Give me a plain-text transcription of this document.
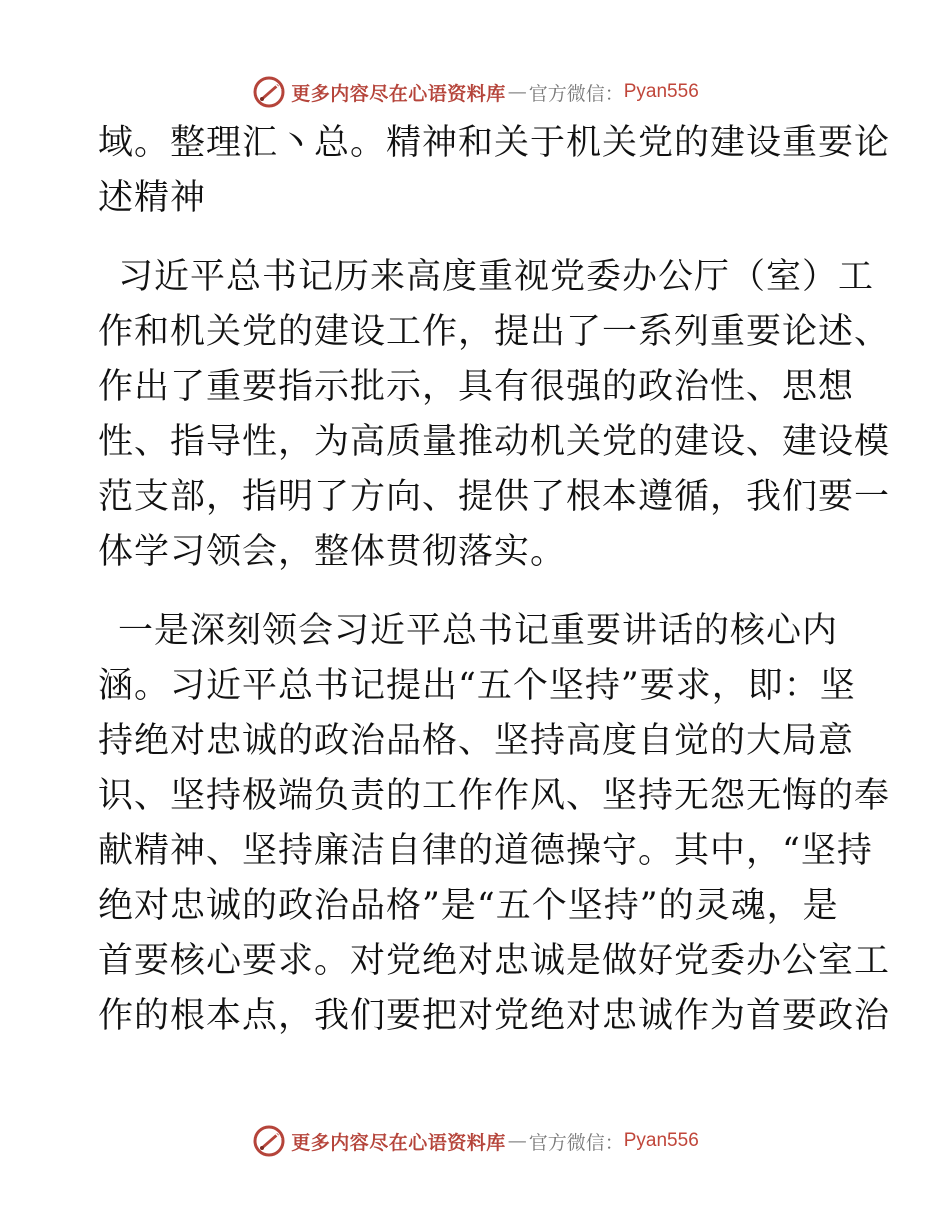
更多内容尽在心语资料库 — 官方微信： Pyan556
域。整理汇丶总。精神和关于机关党的建设重要论
述精神
习近平总书记历来高度重视党委办公厅（室）工
作和机关党的建设工作，提出了一系列重要论述、
作出了重要指示批示，具有很强的政治性、思想
性、指导性，为高质量推动机关党的建设、建设模
范支部，指明了方向、提供了根本遵循，我们要一
体学习领会，整体贯彻落实。
一是深刻领会习近平总书记重要讲话的核心内
涵。习近平总书记提出“五个坚持”要求，即：坚
持绝对忠诚的政治品格、坚持高度自觉的大局意
识、坚持极端负责的工作作风、坚持无怨无悔的奉
献精神、坚持廉洁自律的道德操守。其中，“坚持
绝对忠诚的政治品格”是“五个坚持”的灵魂，是
首要核心要求。对党绝对忠诚是做好党委办公室工
作的根本点，我们要把对党绝对忠诚作为首要政治
更多内容尽在心语资料库 — 官方微信： Pyan556
